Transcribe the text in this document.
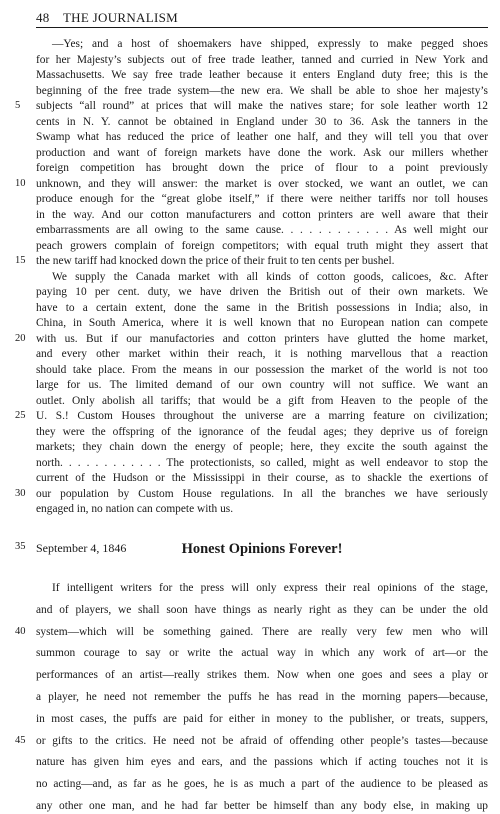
48 THE JOURNALISM
—Yes; and a host of shoemakers have shipped, expressly to make pegged shoes
for her Majesty’s subjects out of free trade leather, tanned and curried in New York and
Massachusetts. We say free trade leather because it enters England duty free; this is the
beginning of the free trade system—the new era. We shall be able to shoe her majesty’s
subjects “all round” at prices that will make the natives stare; for sole leather worth 12
5
cents in N. Y. cannot be obtained in England under 30 to 36. Ask the tanners in the
Swamp what has reduced the price of leather one half, and they will tell you that over
production and want of foreign markets have done the work. Ask our millers whether
foreign competition has brought down the price of flour to a point previously
unknown, and they will answer: the market is over stocked, we want an outlet, we can
10
produce enough for the “great globe itself,” if there were neither tariffs nor toll houses
in the way. And our cotton manufacturers and cotton printers are well aware that their
embarrassments are all owing to the same cause. . . . . . . . . . . . As well might our
peach growers complain of foreign competitors; with equal truth might they assert that
the new tariff had knocked down the price of their fruit to ten cents per bushel.
15
We supply the Canada market with all kinds of cotton goods, calicoes, &c. After
paying 10 per cent. duty, we have driven the British out of their own markets. We
have to a certain extent, done the same in the British possessions in India; also, in
China, in South America, where it is well known that no European nation can compete
with us. But if our manufactories and cotton printers have glutted the home market,
20
and every other market within their reach, it is nothing marvellous that a reaction
should take place. From the means in our possession the market of the world is not too
large for us. The limited demand of our own country will not suffice. We want an
outlet. Only abolish all tariffs; that would be a gift from Heaven to the people of the
U. S.! Custom Houses throughout the universe are a marring feature on civilization;
25
they were the offspring of the ignorance of the feudal ages; they deprive us of foreign
markets; they chain down the energy of people; here, they excite the south against the
north. . . . . . . . . . . . The protectionists, so called, might as well endeavor to stop the
current of the Hudson or the Mississippi in their course, as to shackle the exertions of
our population by Custom House regulations. In all the branches we have seriously
30
engaged in, no nation can compete with us.
35 September 4, 1846	Honest Opinions Forever!
If intelligent writers for the press will only express their real opinions of the stage,
and of players, we shall soon have things as nearly right as they can be under the old
system—which will be something gained. There are really very few men who will
40
summon courage to say or write the actual way in which any work of art—or the
performances of an artist—really strikes them. Now when one goes and sees a play or
a player, he need not remember the puffs he has read in the morning papers—because,
in most cases, the puffs are paid for either in money to the publisher, or treats, suppers,
or gifts to the critics. He need not be afraid of offending other people’s tastes—because
45
nature has given him eyes and ears, and the passions which if acting touches not it is
no acting—and, as far as he goes, he is as much a part of the audience to be pleased as
any other one man, and he had far better be himself than any body else, in making up
